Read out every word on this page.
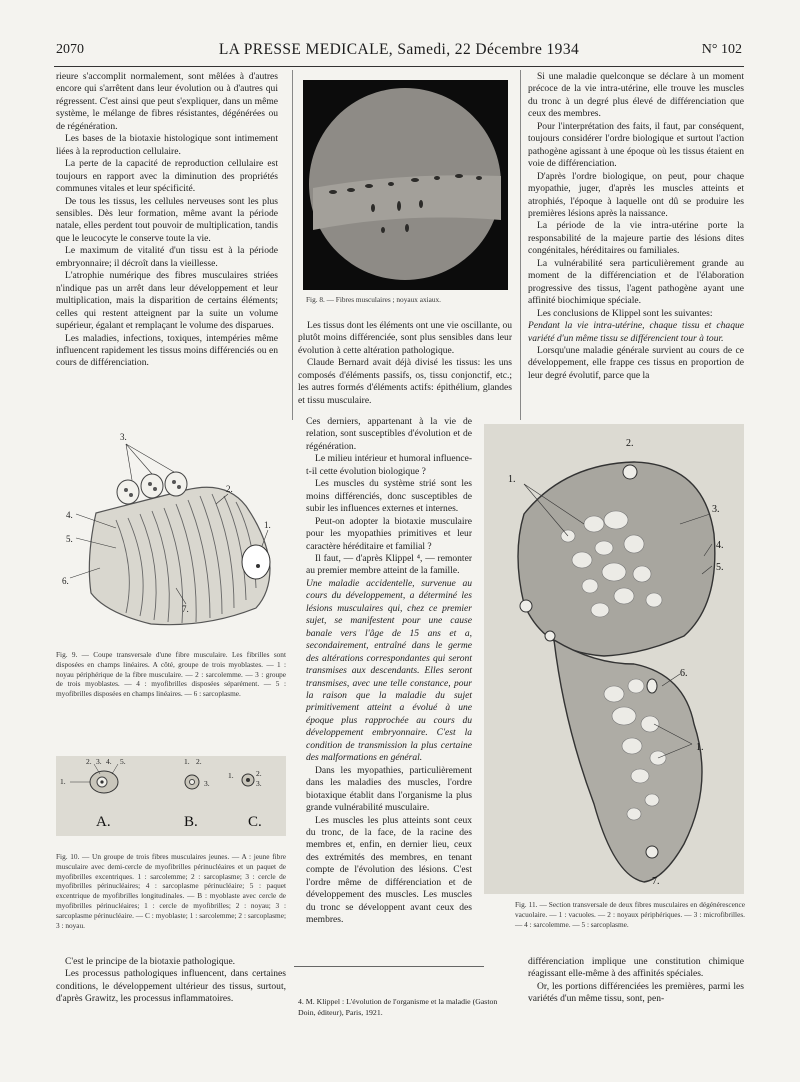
2070	LA PRESSE MEDICALE, Samedi, 22 Décembre 1934	N° 102

rieure s'accomplit normalement, sont mêlées à d'autres encore qui s'arrêtent dans leur évolution ou à d'autres qui régressent. C'est ainsi que peut s'expliquer, dans un même système, le mélange de fibres résistantes, dégénérées ou de régénération.

Les bases de la biotaxie histologique sont intimement liées à la reproduction cellulaire.

La perte de la capacité de reproduction cellulaire est toujours en rapport avec la diminution des propriétés communes vitales et leur spécificité.

De tous les tissus, les cellules nerveuses sont les plus sensibles. Dès leur formation, même avant la période natale, elles perdent tout pouvoir de multiplication, tandis que le leucocyte le conserve toute la vie.

Le maximum de vitalité d'un tissu est à la période embryonnaire; il décroît dans la vieillesse.

L'atrophie numérique des fibres musculaires striées n'indique pas un arrêt dans leur développement et leur multiplication, mais la disparition de certains éléments; celles qui restent atteignent par la suite un volume supérieur, égalant et remplaçant le volume des disparues.

Les maladies, infections, toxiques, intempéries même influencent rapidement les tissus moins différenciés ou en cours de différenciation.

3.
2.
4.
5.
1.
6.
7.

Fig. 9. — Coupe transversale d'une fibre musculaire. Les fibrilles sont disposées en champs linéaires. A côté, groupe de trois myoblastes. — 1 : noyau périphérique de la fibre musculaire. — 2 : sarcolemme. — 3 : groupe de trois myoblastes. — 4 : myofibrilles disposées séparément. — 5 : myofibrilles disposées en champs linéaires. — 6 : sarcoplasme.

2. 3. 4. 5.
1.
1. 2.
3.
1.	2.
3.
A.	B.	C.

Fig. 10. — Un groupe de trois fibres musculaires jeunes. — A : jeune fibre musculaire avec demi-cercle de myofibrilles périnucléaires et un paquet de myofibrilles excentriques. 1 : sarcolemme; 2 : sarcoplasme; 3 : cercle de myofibrilles périnucléaires; 4 : sarcoplasme périnucléaire; 5 : paquet excentrique de myofibrilles longitudinales. — B : myoblaste avec cercle de myofibrilles périnucléaires; 1 : cercle de myofibrilles; 2 : noyau; 3 : sarcoplasme périnucléaire. — C : myoblaste; 1 : sarcolemme; 2 : sarcoplasme; 3 : noyau.

C'est le principe de la biotaxie pathologique.

Les processus pathologiques influencent, dans certaines conditions, le développement ultérieur des tissus, surtout, d'après Grawitz, les processus inflammatoires.

Fig. 8. — Fibres musculaires ; noyaux axiaux.

Les tissus dont les éléments ont une vie oscillante, ou plutôt moins différenciée, sont plus sensibles dans leur évolution à cette altération pathologique.

Claude Bernard avait déjà divisé les tissus: les uns composés d'éléments passifs, os, tissu conjonctif, etc.; les autres formés d'éléments actifs: épithélium, glandes et tissu musculaire.

Ces derniers, appartenant à la vie de relation, sont susceptibles d'évolution et de régénération.

Le milieu intérieur et humoral influence-t-il cette évolution biologique ?

Les muscles du système strié sont les moins différenciés, donc susceptibles de subir les influences externes et internes.

Peut-on adopter la biotaxie musculaire pour les myopathies primitives et leur caractère héréditaire et familial ?

Il faut, — d'après Klippel ⁴, — remonter au premier membre atteint de la famille.

Une maladie accidentelle, survenue au cours du développement, a déterminé les lésions musculaires qui, chez ce premier sujet, se manifestent pour une cause banale vers l'âge de 15 ans et a, secondairement, entraîné dans le germe des altérations correspondantes qui seront transmises aux descendants. Elles seront transmises, avec une telle constance, pour la raison que la maladie du sujet primitivement atteint a évolué à une époque plus rapprochée au cours du développement embryonnaire. C'est la condition de transmission la plus certaine des malformations en général.

Dans les myopathies, particulièrement dans les maladies des muscles, l'ordre biotaxique établit dans l'organisme la plus grande vulnérabilité musculaire.

Les muscles les plus atteints sont ceux du tronc, de la face, de la racine des membres et, enfin, en dernier lieu, ceux des extrémités des membres, en tenant compte de l'évolution des lésions. C'est l'ordre même de différenciation et de développement des muscles. Les muscles du tronc se développent avant ceux des membres.

4. M. Klippel : L'évolution de l'organisme et la maladie (Gaston Doin, éditeur), Paris, 1921.

Si une maladie quelconque se déclare à un moment précoce de la vie intra-utérine, elle trouve les muscles du tronc à un degré plus élevé de différenciation que ceux des membres.

Pour l'interprétation des faits, il faut, par conséquent, toujours considérer l'ordre biologique et surtout l'action pathogène agissant à une époque où les tissus étaient en voie de différenciation.

D'après l'ordre biologique, on peut, pour chaque myopathie, juger, d'après les muscles atteints et atrophiés, l'époque à laquelle ont dû se produire les premières lésions après la naissance.

La période de la vie intra-utérine porte la responsabilité de la majeure partie des lésions dites congénitales, héréditaires ou familiales.

La vulnérabilité sera particulièrement grande au moment de la différenciation et de l'élaboration progressive des tissus, l'agent pathogène ayant une affinité biochimique spéciale.

Les conclusions de Klippel sont les suivantes:

Pendant la vie intra-utérine, chaque tissu et chaque variété d'un même tissu se différencient tour à tour.

Lorsqu'une maladie générale survient au cours de ce développement, elle frappe ces tissus en proportion de leur degré évolutif, parce que la

2.
1.
3.
4.
5.
6.
1.
7.

Fig. 11. — Section transversale de deux fibres musculaires en dégénérescence vacuolaire. — 1 : vacuoles. — 2 : noyaux périphériques. — 3 : microfibrilles. — 4 : sarcolemme. — 5 : sarcoplasme.

différenciation implique une constitution chimique réagissant elle-même à des affinités spéciales.

Or, les portions différenciées les premières, parmi les variétés d'un même tissu, sont, pen-
